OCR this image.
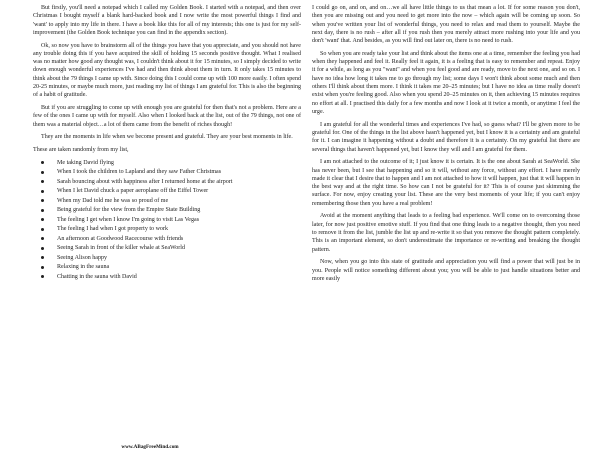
But firstly, you'll need a notepad which I called my Golden Book. I started with a notepad, and then over Christmas I bought myself a blank hard-backed book and I now write the most powerful things I find and 'want' to apply into my life in there. I have a book like this for all of my interests; this one is just for my self- improvement (the Golden Book technique you can find in the appendix section).

Ok, so now you have to brainstorm all of the things you have that you appreciate, and you should not have any trouble doing this if you have acquired the skill of holding 15 seconds positive thought. What I realised was no matter how good any thought was, I couldn't think about it for 15 minutes, so I simply decided to write down enough wonderful experiences I've had and then think about them in turn. It only takes 15 minutes to think about the 79 things I came up with. Since doing this I could come up with 100 more easily. I often spend 20-25 minutes, or maybe much more, just reading my list of things I am grateful for. This is also the beginning of a habit of gratitude.

But if you are struggling to come up with enough you are grateful for then that's not a problem. Here are a few of the ones I came up with for myself. Also when I looked back at the list, out of the 79 things, not one of them was a material object…a lot of them came from the benefit of riches though!

They are the moments in life when we become present and grateful. They are your best moments in life.

These are taken randomly from my list,

Me taking David flying
When I took the children to Lapland and they saw Father Christmas
Sarah bouncing about with happiness after I returned home at the airport
When I let David chuck a paper aeroplane off the Eiffel Tower
When my Dad told me he was so proud of me
Being grateful for the view from the Empire State Building
The feeling I get when I know I'm going to visit Las Vegas
The feeling I had when I got property to work
An afternoon at Goodwood Racecourse with friends
Seeing Sarah in front of the killer whale at SeaWorld
Seeing Alison happy
Relaxing in the sauna
Chatting in the sauna with David
www.ABagFreeMind.com

I could go on, and on, and on…we all have little things to us that mean a lot. If for some reason you don't, then you are missing out and you need to get more into the now – which again will be coming up soon. So when you've written your list of wonderful things, you need to relax and read them to yourself. Maybe the next day, there is no rush – after all if you rush then you merely attract more rushing into your life and you don't 'want' that. And besides, as you will find out later on, there is no need to rush.

So when you are ready take your list and think about the items one at a time, remember the feeling you had when they happened and feel it. Really feel it again, it is a feeling that is easy to remember and repeat. Enjoy it for a while, as long as you "want" and when you feel good and are ready, move to the next one, and so on. I have no idea how long it takes me to go through my list; some days I won't think about some much and then others I'll think about them more. I think it takes me 20–25 minutes; but I have no idea as time really doesn't exist when you're feeling good. Also when you spend 20–25 minutes on it, then achieving 15 minutes requires no effort at all. I practised this daily for a few months and now I look at it twice a month, or anytime I feel the urge.

I am grateful for all the wonderful times and experiences I've had, so guess what? I'll be given more to be grateful for. One of the things in the list above hasn't happened yet, but I know it is a certainty and am grateful for it. I can imagine it happening without a doubt and therefore it is a certainty. On my grateful list there are several things that haven't happened yet, but I know they will and I am grateful for them.

I am not attached to the outcome of it; I just know it is certain. It is the one about Sarah at SeaWorld. She has never been, but I see that happening and so it will, without any force, without any effort. I have merely made it clear that I desire that to happen and I am not attached to how it will happen, just that it will happen in the best way and at the right time. So how can I not be grateful for it? This is of course just skimming the surface. For now, enjoy creating your list. These are the very best moments of your life; if you can't enjoy remembering those then you have a real problem!

Avoid at the moment anything that leads to a feeling bad experience. We'll come on to overcoming those later, for now just positive emotive stuff. If you find that one thing leads to a negative thought, then you need to remove it from the list, jumble the list up and re-write it so that you remove the thought pattern completely. This is an important element, so don't underestimate the importance or re-writing and breaking the thought pattern.

Now, when you go into this state of gratitude and appreciation you will find a power that will just be in you. People will notice something different about you; you will be able to just handle situations better and more easily
